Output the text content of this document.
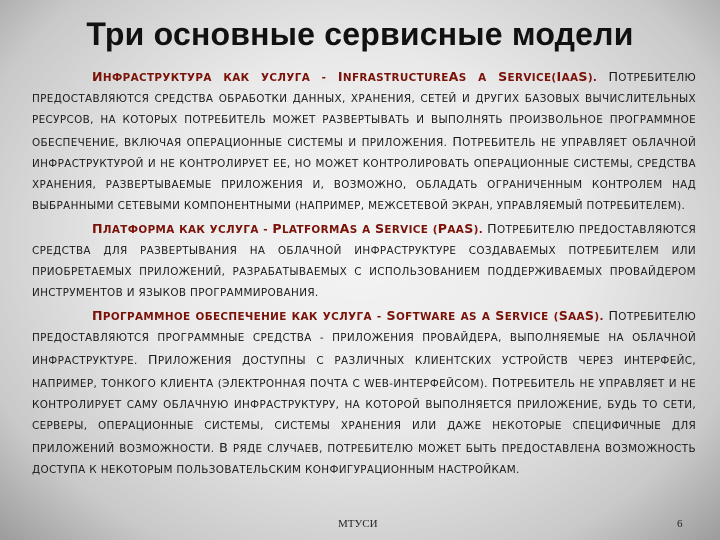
Три основные сервисные модели

ИНФРАСТРУКТУРА КАК УСЛУГА - INFRASTRUCTUREAS A SERVICE(IAAS). ПОТРЕБИТЕЛЮ ПРЕДОСТАВЛЯЮТСЯ СРЕДСТВА ОБРАБОТКИ ДАННЫХ, ХРАНЕНИЯ, СЕТЕЙ И ДРУГИХ БАЗОВЫХ ВЫЧИСЛИТЕЛЬНЫХ РЕСУРСОВ, НА КОТОРЫХ ПОТРЕБИТЕЛЬ МОЖЕТ РАЗВЕРТЫВАТЬ И ВЫПОЛНЯТЬ ПРОИЗВОЛЬНОЕ ПРОГРАММНОЕ ОБЕСПЕЧЕНИЕ, ВКЛЮЧАЯ ОПЕРАЦИОННЫЕ СИСТЕМЫ И ПРИЛОЖЕНИЯ. ПОТРЕБИТЕЛЬ НЕ УПРАВЛЯЕТ ОБЛАЧНОЙ ИНФРАСТРУКТУРОЙ И НЕ КОНТРОЛИРУЕТ ЕЕ, НО МОЖЕТ КОНТРОЛИРОВАТЬ ОПЕРАЦИОННЫЕ СИСТЕМЫ, СРЕДСТВА ХРАНЕНИЯ, РАЗВЕРТЫВАЕМЫЕ ПРИЛОЖЕНИЯ И, ВОЗМОЖНО, ОБЛАДАТЬ ОГРАНИЧЕННЫМ КОНТРОЛЕМ НАД ВЫБРАННЫМИ СЕТЕВЫМИ КОМПОНЕНТНЫМИ (НАПРИМЕР, МЕЖСЕТЕВОЙ ЭКРАН, УПРАВЛЯЕМЫЙ ПОТРЕБИТЕЛЕМ).

ПЛАТФОРМА КАК УСЛУГА - PLATFORMAS A SERVICE (PAAS). ПОТРЕБИТЕЛЮ ПРЕДОСТАВЛЯЮТСЯ СРЕДСТВА ДЛЯ РАЗВЕРТЫВАНИЯ НА ОБЛАЧНОЙ ИНФРАСТРУКТУРЕ СОЗДАВАЕМЫХ ПОТРЕБИТЕЛЕМ ИЛИ ПРИОБРЕТАЕМЫХ ПРИЛОЖЕНИЙ, РАЗРАБАТЫВАЕМЫХ С ИСПОЛЬЗОВАНИЕМ ПОДДЕРЖИВАЕМЫХ ПРОВАЙДЕРОМ ИНСТРУМЕНТОВ И ЯЗЫКОВ ПРОГРАММИРОВАНИЯ.

ПРОГРАММНОЕ ОБЕСПЕЧЕНИЕ КАК УСЛУГА - SOFTWARE AS A SERVICE (SAAS). ПОТРЕБИТЕЛЮ ПРЕДОСТАВЛЯЮТСЯ ПРОГРАММНЫЕ СРЕДСТВА - ПРИЛОЖЕНИЯ ПРОВАЙДЕРА, ВЫПОЛНЯЕМЫЕ НА ОБЛАЧНОЙ ИНФРАСТРУКТУРЕ. ПРИЛОЖЕНИЯ ДОСТУПНЫ С РАЗЛИЧНЫХ КЛИЕНТСКИХ УСТРОЙСТВ ЧЕРЕЗ ИНТЕРФЕЙС, НАПРИМЕР, ТОНКОГО КЛИЕНТА (ЭЛЕКТРОННАЯ ПОЧТА С WEB-ИНТЕРФЕЙСОМ). ПОТРЕБИТЕЛЬ НЕ УПРАВЛЯЕТ И НЕ КОНТРОЛИРУЕТ САМУ ОБЛАЧНУЮ ИНФРАСТРУКТУРУ, НА КОТОРОЙ ВЫПОЛНЯЕТСЯ ПРИЛОЖЕНИЕ, БУДЬ ТО СЕТИ, СЕРВЕРЫ, ОПЕРАЦИОННЫЕ СИСТЕМЫ, СИСТЕМЫ ХРАНЕНИЯ ИЛИ ДАЖЕ НЕКОТОРЫЕ СПЕЦИФИЧНЫЕ ДЛЯ ПРИЛОЖЕНИЙ ВОЗМОЖНОСТИ. В РЯДЕ СЛУЧАЕВ, ПОТРЕБИТЕЛЮ МОЖЕТ БЫТЬ ПРЕДОСТАВЛЕНА ВОЗМОЖНОСТЬ ДОСТУПА К НЕКОТОРЫМ ПОЛЬЗОВАТЕЛЬСКИМ КОНФИГУРАЦИОННЫМ НАСТРОЙКАМ.

МТУСИ	6
